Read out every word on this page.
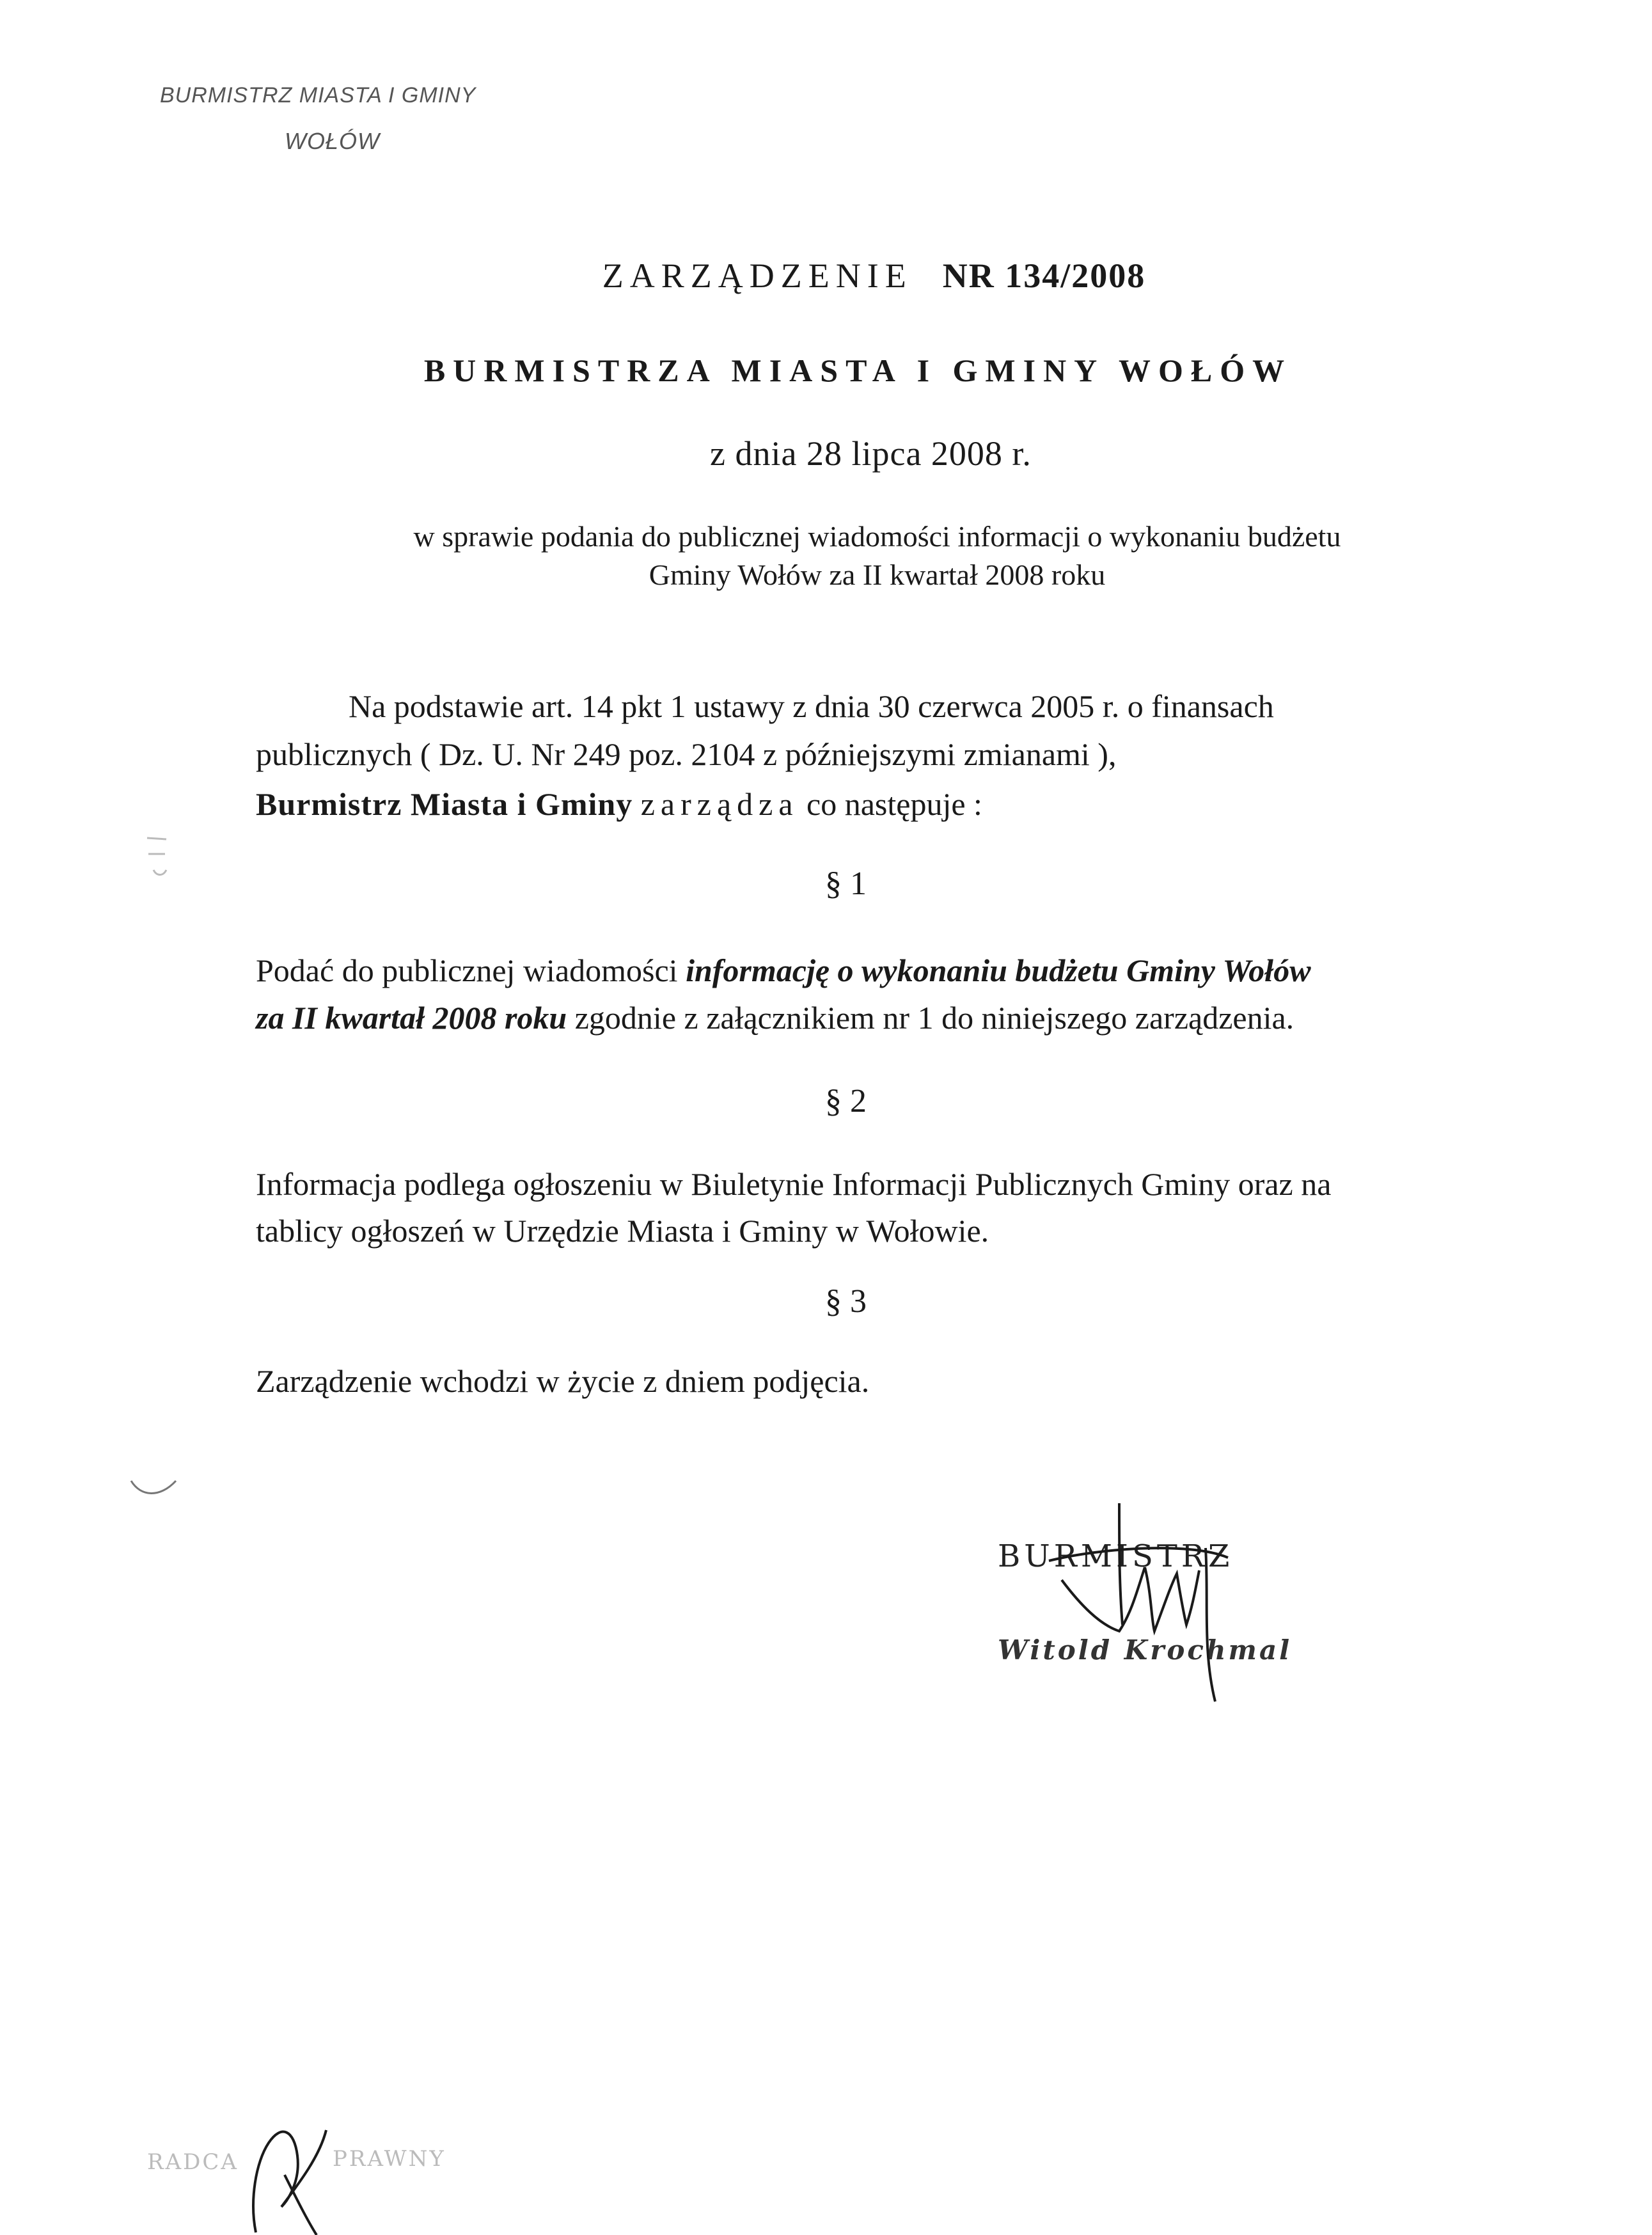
BURMISTRZ MIASTA I GMINY
WOŁÓW
ZARZĄDZENIE NR 134/2008
BURMISTRZA MIASTA I GMINY WOŁÓW
z dnia 28 lipca 2008 r.
w sprawie podania do publicznej wiadomości informacji o wykonaniu budżetu
Gminy Wołów za II kwartał 2008 roku
Na podstawie art. 14 pkt 1 ustawy z dnia 30 czerwca 2005 r. o finansach
publicznych ( Dz. U. Nr 249 poz. 2104 z późniejszymi zmianami ),
Burmistrz Miasta i Gminy zarządza co następuje :
§ 1
Podać do publicznej wiadomości informację o wykonaniu budżetu Gminy Wołów
za II kwartał 2008 roku zgodnie z załącznikiem nr 1 do niniejszego zarządzenia.
§ 2
Informacja podlega ogłoszeniu w Biuletynie Informacji Publicznych Gminy oraz na
tablicy ogłoszeń w Urzędzie Miasta i Gminy w Wołowie.
§ 3
Zarządzenie wchodzi w życie z dniem podjęcia.
BURMISTRZ
Witold Krochmal
RADCA	PRAWNY
